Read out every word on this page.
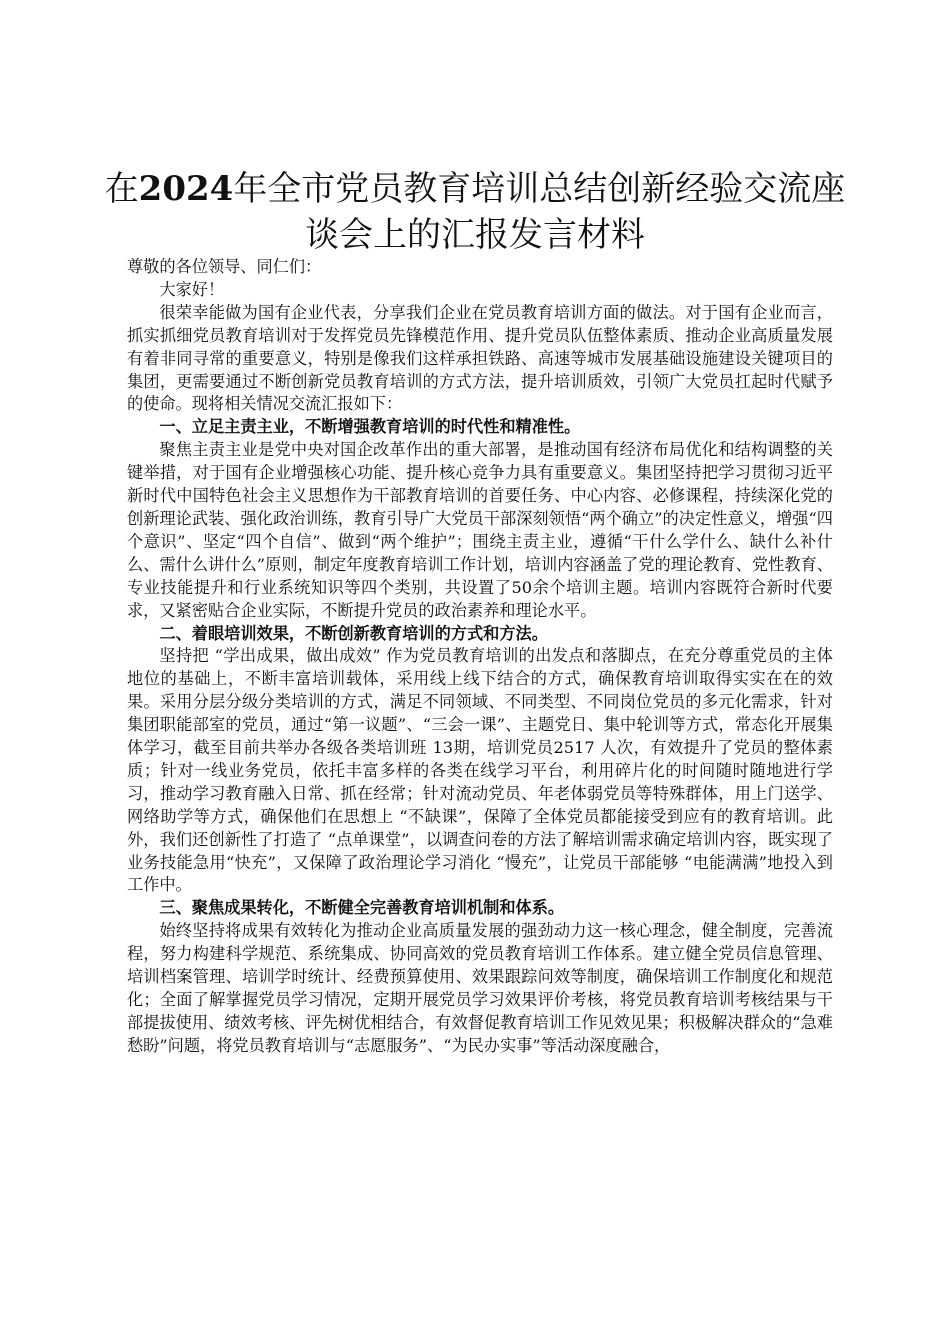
在2024年全市党员教育培训总结创新经验交流座谈会上的汇报发言材料

尊敬的各位领导、同仁们：

大家好！

很荣幸能做为国有企业代表，分享我们企业在党员教育培训方面的做法。对于国有企业而言，抓实抓细党员教育培训对于发挥党员先锋模范作用、提升党员队伍整体素质、推动企业高质量发展有着非同寻常的重要意义，特别是像我们这样承担铁路、高速等城市发展基础设施建设关键项目的集团，更需要通过不断创新党员教育培训的方式方法，提升培训质效，引领广大党员扛起时代赋予的使命。现将相关情况交流汇报如下：

一、立足主责主业，不断增强教育培训的时代性和精准性。

聚焦主责主业是党中央对国企改革作出的重大部署，是推动国有经济布局优化和结构调整的关键举措，对于国有企业增强核心功能、提升核心竞争力具有重要意义。集团坚持把学习贯彻习近平新时代中国特色社会主义思想作为干部教育培训的首要任务、中心内容、必修课程，持续深化党的创新理论武装、强化政治训练，教育引导广大党员干部深刻领悟“两个确立”的决定性意义，增强“四个意识”、坚定“四个自信”、做到“两个维护”；围绕主责主业，遵循“干什么学什么、缺什么补什么、需什么讲什么”原则，制定年度教育培训工作计划，培训内容涵盖了党的理论教育、党性教育、专业技能提升和行业系统知识等四个类别，共设置了50余个培训主题。培训内容既符合新时代要求，又紧密贴合企业实际，不断提升党员的政治素养和理论水平。

二、着眼培训效果，不断创新教育培训的方式和方法。

坚持把 “学出成果，做出成效” 作为党员教育培训的出发点和落脚点，在充分尊重党员的主体地位的基础上，不断丰富培训载体，采用线上线下结合的方式，确保教育培训取得实实在在的效果。采用分层分级分类培训的方式，满足不同领域、不同类型、不同岗位党员的多元化需求，针对集团职能部室的党员，通过“第一议题”、“三会一课”、主题党日、集中轮训等方式，常态化开展集体学习，截至目前共举办各级各类培训班 13期，培训党员2517 人次，有效提升了党员的整体素质；针对一线业务党员，依托丰富多样的各类在线学习平台，利用碎片化的时间随时随地进行学习，推动学习教育融入日常、抓在经常；针对流动党员、年老体弱党员等特殊群体，用上门送学、网络助学等方式，确保他们在思想上 “不缺课”，保障了全体党员都能接受到应有的教育培训。此外，我们还创新性了打造了 “点单课堂”，以调查问卷的方法了解培训需求确定培训内容，既实现了业务技能急用“快充”，又保障了政治理论学习消化 “慢充”，让党员干部能够 “电能满满”地投入到工作中。

三、聚焦成果转化，不断健全完善教育培训机制和体系。

始终坚持将成果有效转化为推动企业高质量发展的强劲动力这一核心理念，健全制度，完善流程，努力构建科学规范、系统集成、协同高效的党员教育培训工作体系。建立健全党员信息管理、培训档案管理、培训学时统计、经费预算使用、效果跟踪问效等制度，确保培训工作制度化和规范化；全面了解掌握党员学习情况，定期开展党员学习效果评价考核，将党员教育培训考核结果与干部提拔使用、绩效考核、评先树优相结合，有效督促教育培训工作见效见果；积极解决群众的“急难愁盼”问题，将党员教育培训与“志愿服务”、“为民办实事”等活动深度融合，
